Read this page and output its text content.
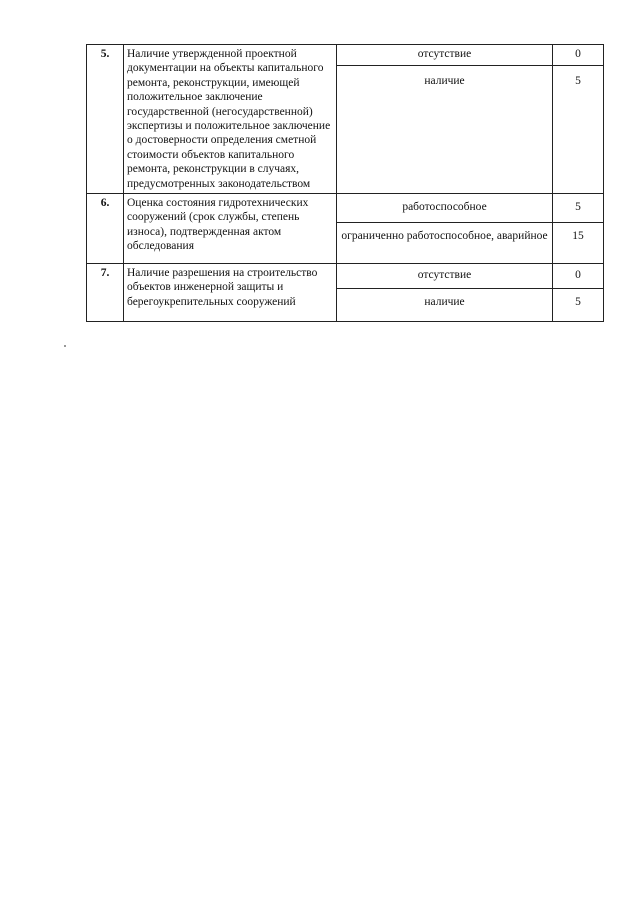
5.	Наличие утвержденной проектной документации на объекты капитального ремонта, реконструкции, имеющей положительное заключение государственной (негосударственной) экспертизы и положительное заключение о достоверности определения сметной стоимости объектов капитального ремонта, реконструкции в случаях, предусмотренных законодательством	отсутствие	0
		наличие	5
6.	Оценка состояния гидротехнических сооружений (срок службы, степень износа), подтвержденная актом обследования	работоспособное	5
		ограниченно работоспособное, аварийное	15
7.	Наличие разрешения на строительство объектов инженерной защиты и берегоукрепительных сооружений	отсутствие	0
		наличие	5
